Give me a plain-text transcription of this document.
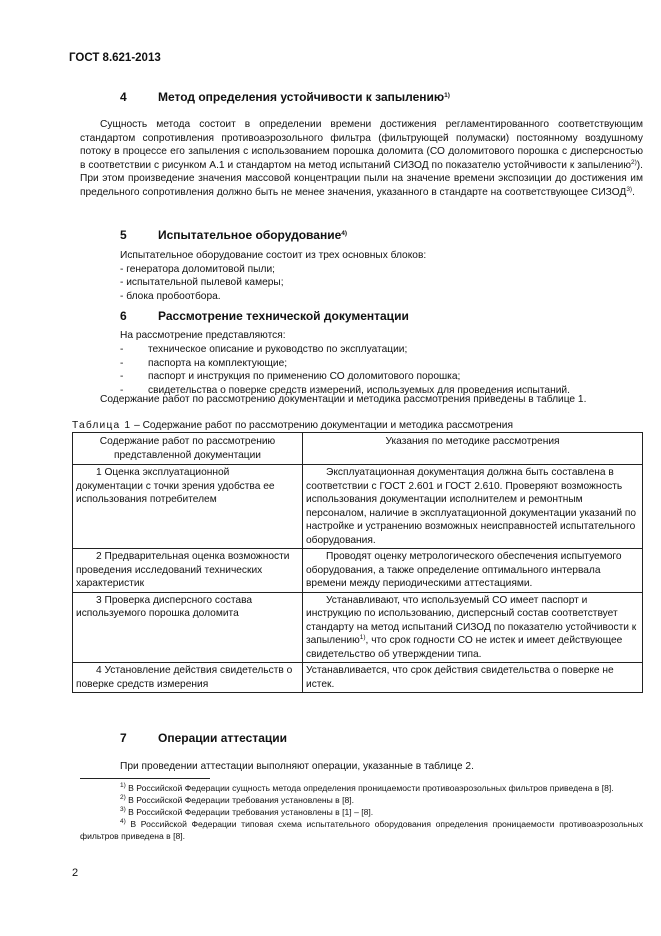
ГОСТ 8.621-2013
4	Метод определения устойчивости к запылению$^{1)}$
Сущность метода состоит в определении времени достижения регламентированного соответствующим стандартом сопротивления противоаэрозольного фильтра (фильтрующей полумаски) постоянному воздушному потоку в процессе его запыления с использованием порошка доломита (СО доломитового порошка с дисперсностью в соответствии с рисунком А.1 и стандартом на метод испытаний СИЗОД по показателю устойчивости к запылению$^{2)}$). При этом произведение значения массовой концентрации пыли на значение времени экспозиции до достижения им предельного сопротивления должно быть не менее значения, указанного в стандарте на соответствующее СИЗОД$^{3)}$.
5	Испытательное оборудование$^{4)}$
Испытательное оборудование состоит из трех основных блоков:
- генератора доломитовой пыли;
- испытательной пылевой камеры;
- блока пробоотбора.
6	Рассмотрение технической документации
На рассмотрение представляются:
- техническое описание и руководство по эксплуатации;
- паспорта на комплектующие;
- паспорт и инструкция по применению СО доломитового порошка;
- свидетельства о поверке средств измерений, используемых для проведения испытаний.
Содержание работ по рассмотрению документации и методика рассмотрения приведены в таблице 1.
Таблица 1 – Содержание работ по рассмотрению документации и методика рассмотрения
Содержание работ по рассмотрению представленной документации	Указания по методике рассмотрения
1 Оценка эксплуатационной документации с точки зрения удобства ее использования потребителем	Эксплуатационная документация должна быть составлена в соответствии с ГОСТ 2.601 и ГОСТ 2.610. Проверяют возможность использования документации исполнителем и ремонтным персоналом, наличие в эксплуатационной документации указаний по настройке и устранению возможных неисправностей испытательного оборудования.
2 Предварительная оценка возможности проведения исследований технических характеристик	Проводят оценку метрологического обеспечения испытуемого оборудования, а также определение оптимального интервала времени между периодическими аттестациями.
3 Проверка дисперсного состава используемого порошка доломита	Устанавливают, что используемый СО имеет паспорт и инструкцию по использованию, дисперсный состав соответствует стандарту на метод испытаний СИЗОД по показателю устойчивости к запылению$^{1)}$, что срок годности СО не истек и имеет действующее свидетельство об утверждении типа.
4 Установление действия свидетельств о поверке средств измерения	Устанавливается, что срок действия свидетельства о поверке не истек.
7	Операции аттестации
При проведении аттестации выполняют операции, указанные в таблице 2.
$^{1)}$ В Российской Федерации сущность метода определения проницаемости противоаэрозольных фильтров приведена в [8].
$^{2)}$ В Российской Федерации требования установлены в [8].
$^{3)}$ В Российской Федерации требования установлены в [1] – [8].
$^{4)}$ В Российской Федерации типовая схема испытательного оборудования определения проницаемости противоаэрозольных фильтров приведена в [8].
2
